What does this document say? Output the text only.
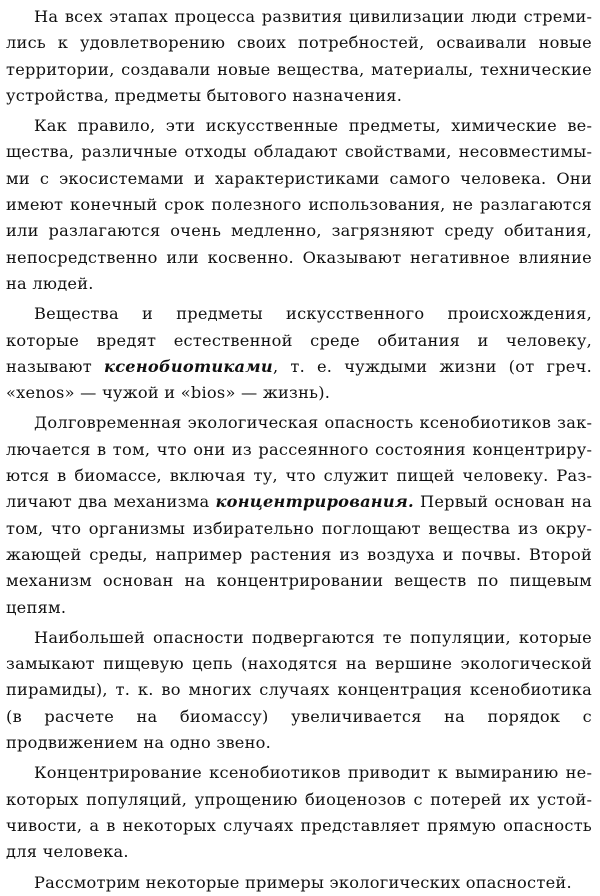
На всех этапах процесса развития цивилизации люди стремились к удовлетворению своих потребностей, осваивали новые территории, создавали новые вещества, материалы, технические устройства, предметы бытового назначения.

Как правило, эти искусственные предметы, химические вещества, различные отходы обладают свойствами, несовместимыми с экосистемами и характеристиками самого человека. Они имеют конечный срок полезного использования, не разлагаются или разлагаются очень медленно, загрязняют среду обитания, непосредственно или косвенно. Оказывают негативное влияние на людей.

Вещества и предметы искусственного происхождения, которые вредят естественной среде обитания и человеку, называют ксенобиотиками, т. е. чуждыми жизни (от греч. «xenos» — чужой и «bios» — жизнь).

Долговременная экологическая опасность ксенобиотиков заключается в том, что они из рассеянного состояния концентрируются в биомассе, включая ту, что служит пищей человеку. Различают два механизма концентрирования. Первый основан на том, что организмы избирательно поглощают вещества из окружающей среды, например растения из воздуха и почвы. Второй механизм основан на концентрировании веществ по пищевым цепям.

Наибольшей опасности подвергаются те популяции, которые замыкают пищевую цепь (находятся на вершине экологической пирамиды), т. к. во многих случаях концентрация ксенобиотика (в расчете на биомассу) увеличивается на порядок с продвижением на одно звено.

Концентрирование ксенобиотиков приводит к вымиранию некоторых популяций, упрощению биоценозов с потерей их устойчивости, а в некоторых случаях представляет прямую опасность для человека.

Рассмотрим некоторые примеры экологических опасностей.
